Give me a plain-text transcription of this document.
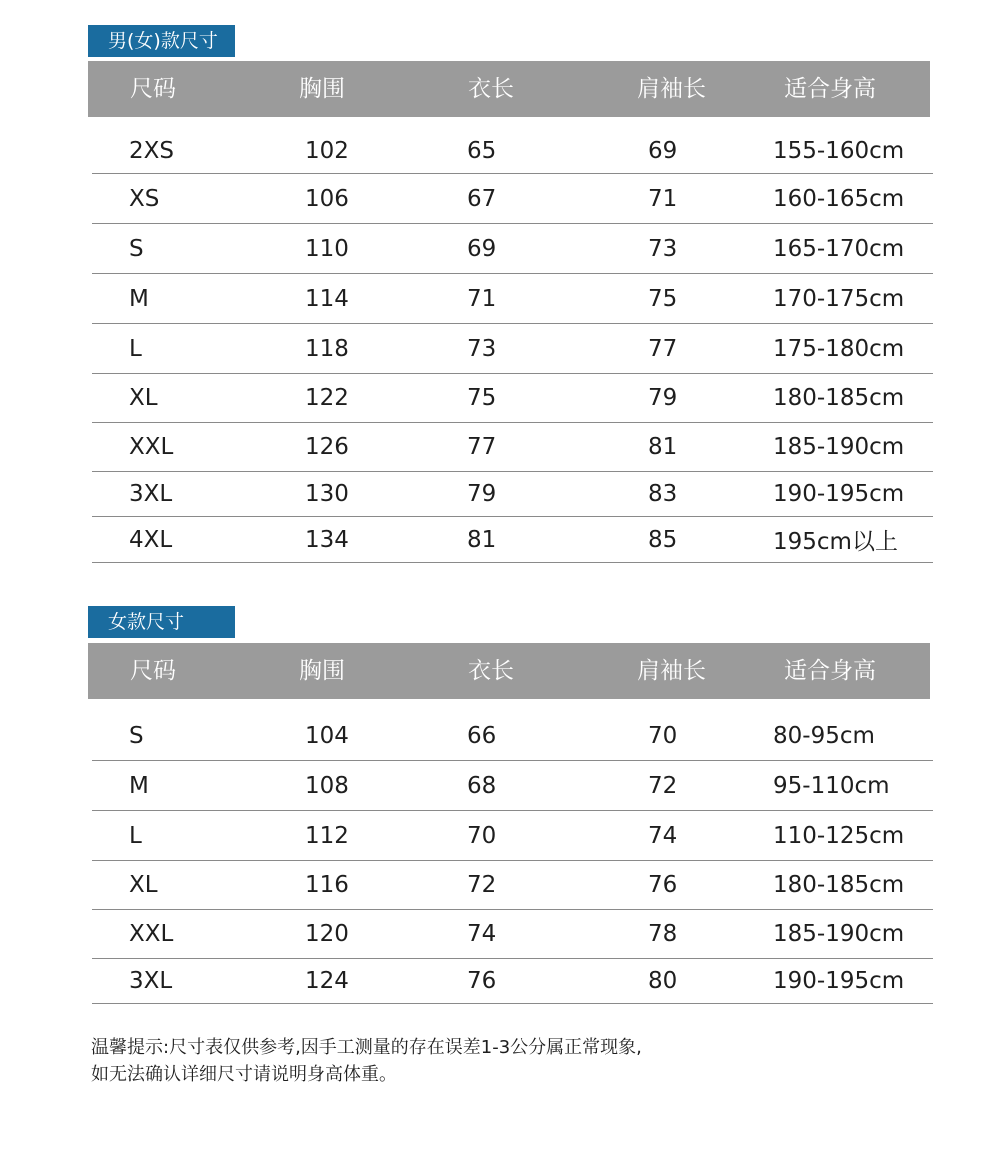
男(女)款尺寸
尺码	胸围	衣长	肩袖长	适合身高
2XS	102	65	69	155-160cm
XS	106	67	71	160-165cm
S	110	69	73	165-170cm
M	114	71	75	170-175cm
L	118	73	77	175-180cm
XL	122	75	79	180-185cm
XXL	126	77	81	185-190cm
3XL	130	79	83	190-195cm
4XL	134	81	85	195cm以上
女款尺寸
尺码	胸围	衣长	肩袖长	适合身高
S	104	66	70	80-95cm
M	108	68	72	95-110cm
L	112	70	74	110-125cm
XL	116	72	76	180-185cm
XXL	120	74	78	185-190cm
3XL	124	76	80	190-195cm
温馨提示:尺寸表仅供参考,因手工测量的存在误差1-3公分属正常现象,
如无法确认详细尺寸请说明身高体重。
